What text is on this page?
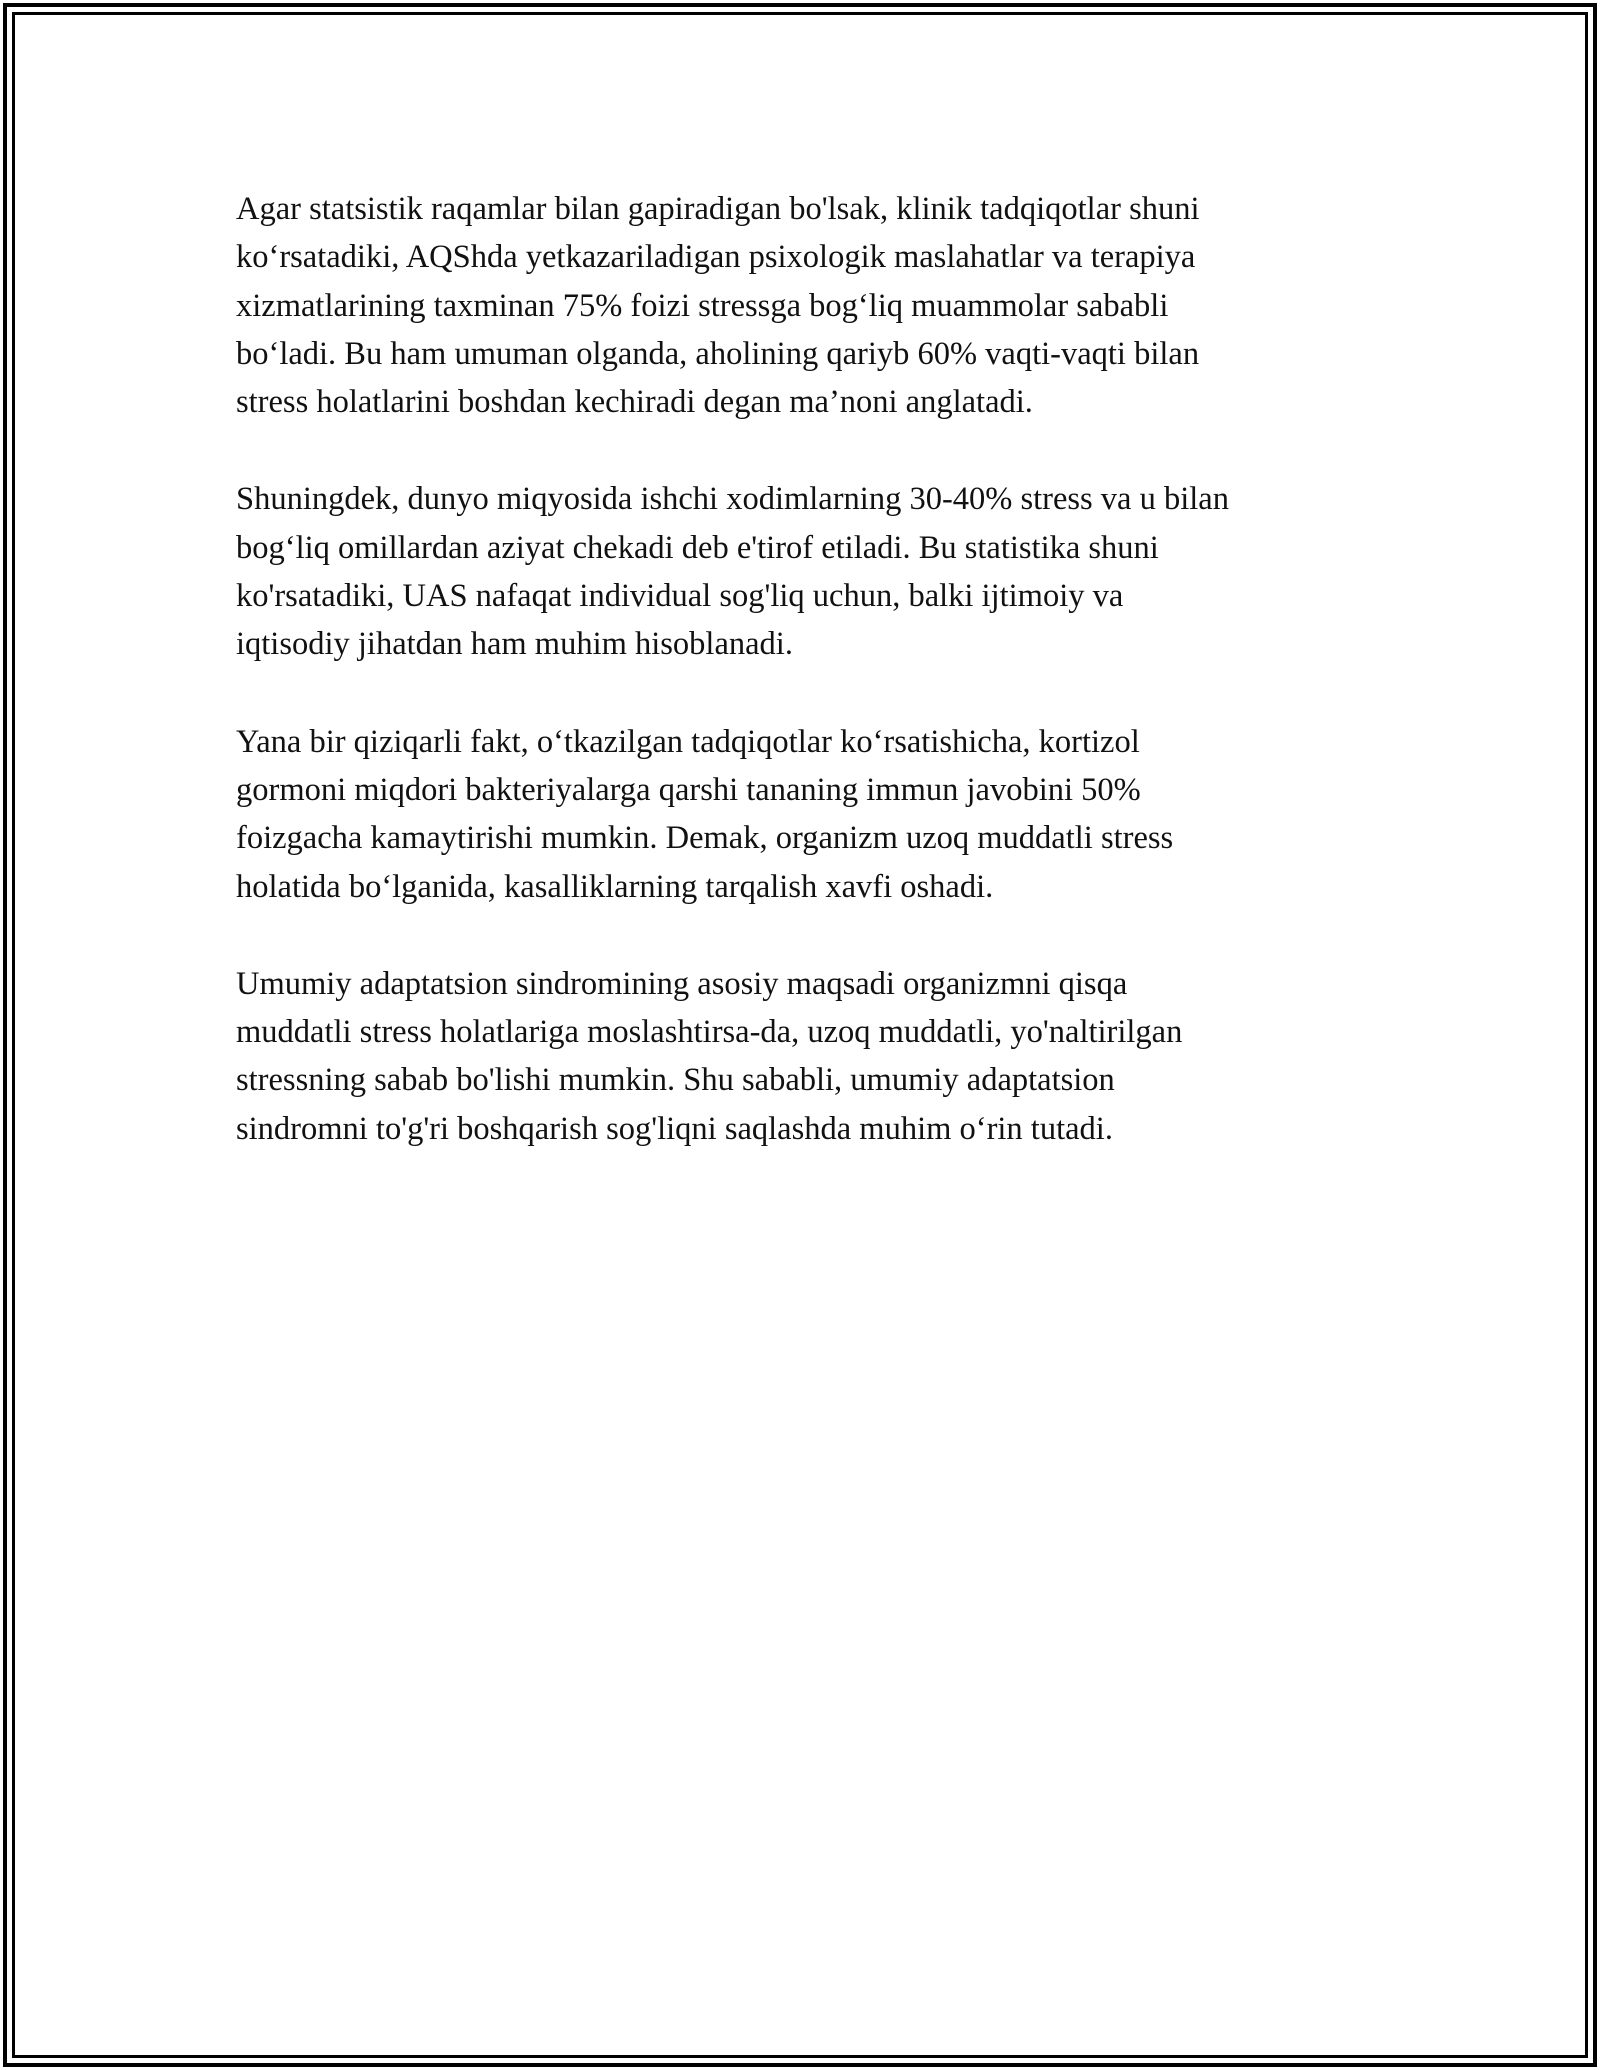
Agar statsistik raqamlar bilan gapiradigan bo'lsak, klinik tadqiqotlar shuni
ko‘rsatadiki, AQShda yetkazariladigan psixologik maslahatlar va terapiya
xizmatlarining taxminan 75% foizi stressga bog‘liq muammolar sababli
bo‘ladi. Bu ham umuman olganda, aholining qariyb 60% vaqti-vaqti bilan
stress holatlarini boshdan kechiradi degan ma’noni anglatadi.

Shuningdek, dunyo miqyosida ishchi xodimlarning 30-40% stress va u bilan
bog‘liq omillardan aziyat chekadi deb e'tirof etiladi. Bu statistika shuni
ko'rsatadiki, UAS nafaqat individual sog'liq uchun, balki ijtimoiy va
iqtisodiy jihatdan ham muhim hisoblanadi.

Yana bir qiziqarli fakt, o‘tkazilgan tadqiqotlar ko‘rsatishicha, kortizol
gormoni miqdori bakteriyalarga qarshi tananing immun javobini 50%
foizgacha kamaytirishi mumkin. Demak, organizm uzoq muddatli stress
holatida bo‘lganida, kasalliklarning tarqalish xavfi oshadi.

Umumiy adaptatsion sindromining asosiy maqsadi organizmni qisqa
muddatli stress holatlariga moslashtirsa-da, uzoq muddatli, yo'naltirilgan
stressning sabab bo'lishi mumkin. Shu sababli, umumiy adaptatsion
sindromni to'g'ri boshqarish sog'liqni saqlashda muhim o‘rin tutadi.
